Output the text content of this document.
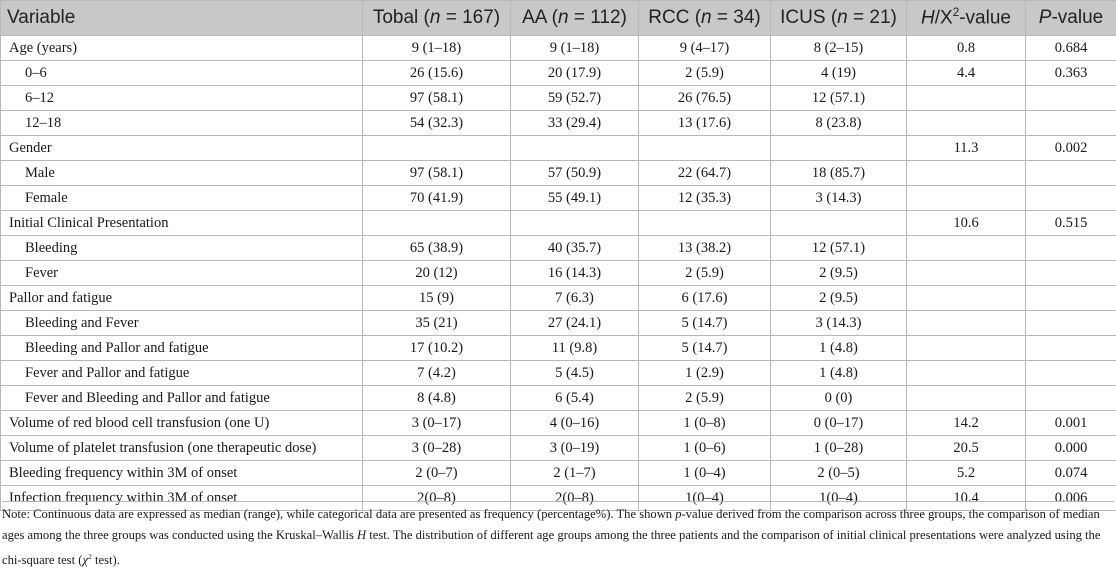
Variable	Tobal (n = 167)	AA (n = 112)	RCC (n = 34)	ICUS (n = 21)	$H/X^2$-value	P-value
Age (years)	9 (1–18)	9 (1–18)	9 (4–17)	8 (2–15)	0.8	0.684
0–6	26 (15.6)	20 (17.9)	2 (5.9)	4 (19)	4.4	0.363
6–12	97 (58.1)	59 (52.7)	26 (76.5)	12 (57.1)		
12–18	54 (32.3)	33 (29.4)	13 (17.6)	8 (23.8)		
Gender					11.3	0.002
Male	97 (58.1)	57 (50.9)	22 (64.7)	18 (85.7)		
Female	70 (41.9)	55 (49.1)	12 (35.3)	3 (14.3)		
Initial Clinical Presentation					10.6	0.515
Bleeding	65 (38.9)	40 (35.7)	13 (38.2)	12 (57.1)		
Fever	20 (12)	16 (14.3)	2 (5.9)	2 (9.5)		
Pallor and fatigue	15 (9)	7 (6.3)	6 (17.6)	2 (9.5)		
Bleeding and Fever	35 (21)	27 (24.1)	5 (14.7)	3 (14.3)		
Bleeding and Pallor and fatigue	17 (10.2)	11 (9.8)	5 (14.7)	1 (4.8)		
Fever and Pallor and fatigue	7 (4.2)	5 (4.5)	1 (2.9)	1 (4.8)		
Fever and Bleeding and Pallor and fatigue	8 (4.8)	6 (5.4)	2 (5.9)	0 (0)		
Volume of red blood cell transfusion (one U)	3 (0–17)	4 (0–16)	1 (0–8)	0 (0–17)	14.2	0.001
Volume of platelet transfusion (one therapeutic dose)	3 (0–28)	3 (0–19)	1 (0–6)	1 (0–28)	20.5	0.000
Bleeding frequency within 3M of onset	2 (0–7)	2 (1–7)	1 (0–4)	2 (0–5)	5.2	0.074
Infection frequency within 3M of onset	2(0–8)	2(0–8)	1(0–4)	1(0–4)	10.4	0.006
Note: Continuous data are expressed as median (range), while categorical data are presented as frequency (percentage%). The shown p-value derived from the comparison across three groups, the comparison of median ages among the three groups was conducted using the Kruskal–Wallis H test. The distribution of different age groups among the three patients and the comparison of initial clinical presentations were analyzed using the chi-square test ($\chi^2$ test).
